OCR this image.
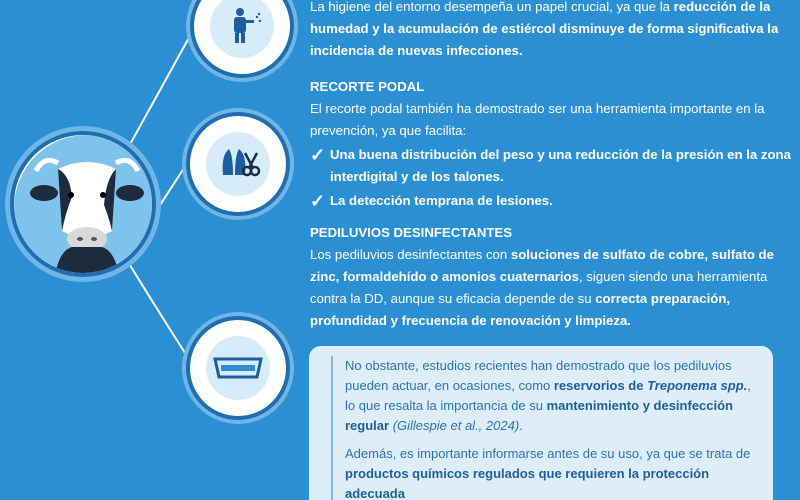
La higiene del entorno desempeña un papel crucial, ya que la reducción de la humedad y la acumulación de estiércol disminuye de forma significativa la incidencia de nuevas infecciones.

RECORTE PODAL

El recorte podal también ha demostrado ser una herramienta importante en la prevención, ya que facilita:

✓ Una buena distribución del peso y una reducción de la presión en la zona interdigital y de los talones.
✓ La detección temprana de lesiones.

PEDILUVIOS DESINFECTANTES

Los pediluvios desinfectantes con soluciones de sulfato de cobre, sulfato de zinc, formaldehído o amonios cuaternarios, siguen siendo una herramienta contra la DD, aunque su eficacia depende de su correcta preparación, profundidad y frecuencia de renovación y limpieza.

No obstante, estudios recientes han demostrado que los pediluvios pueden actuar, en ocasiones, como reservorios de Treponema spp., lo que resalta la importancia de su mantenimiento y desinfección regular (Gillespie et al., 2024).

Además, es importante informarse antes de su uso, ya que se trata de productos químicos regulados que requieren la protección adecuada
